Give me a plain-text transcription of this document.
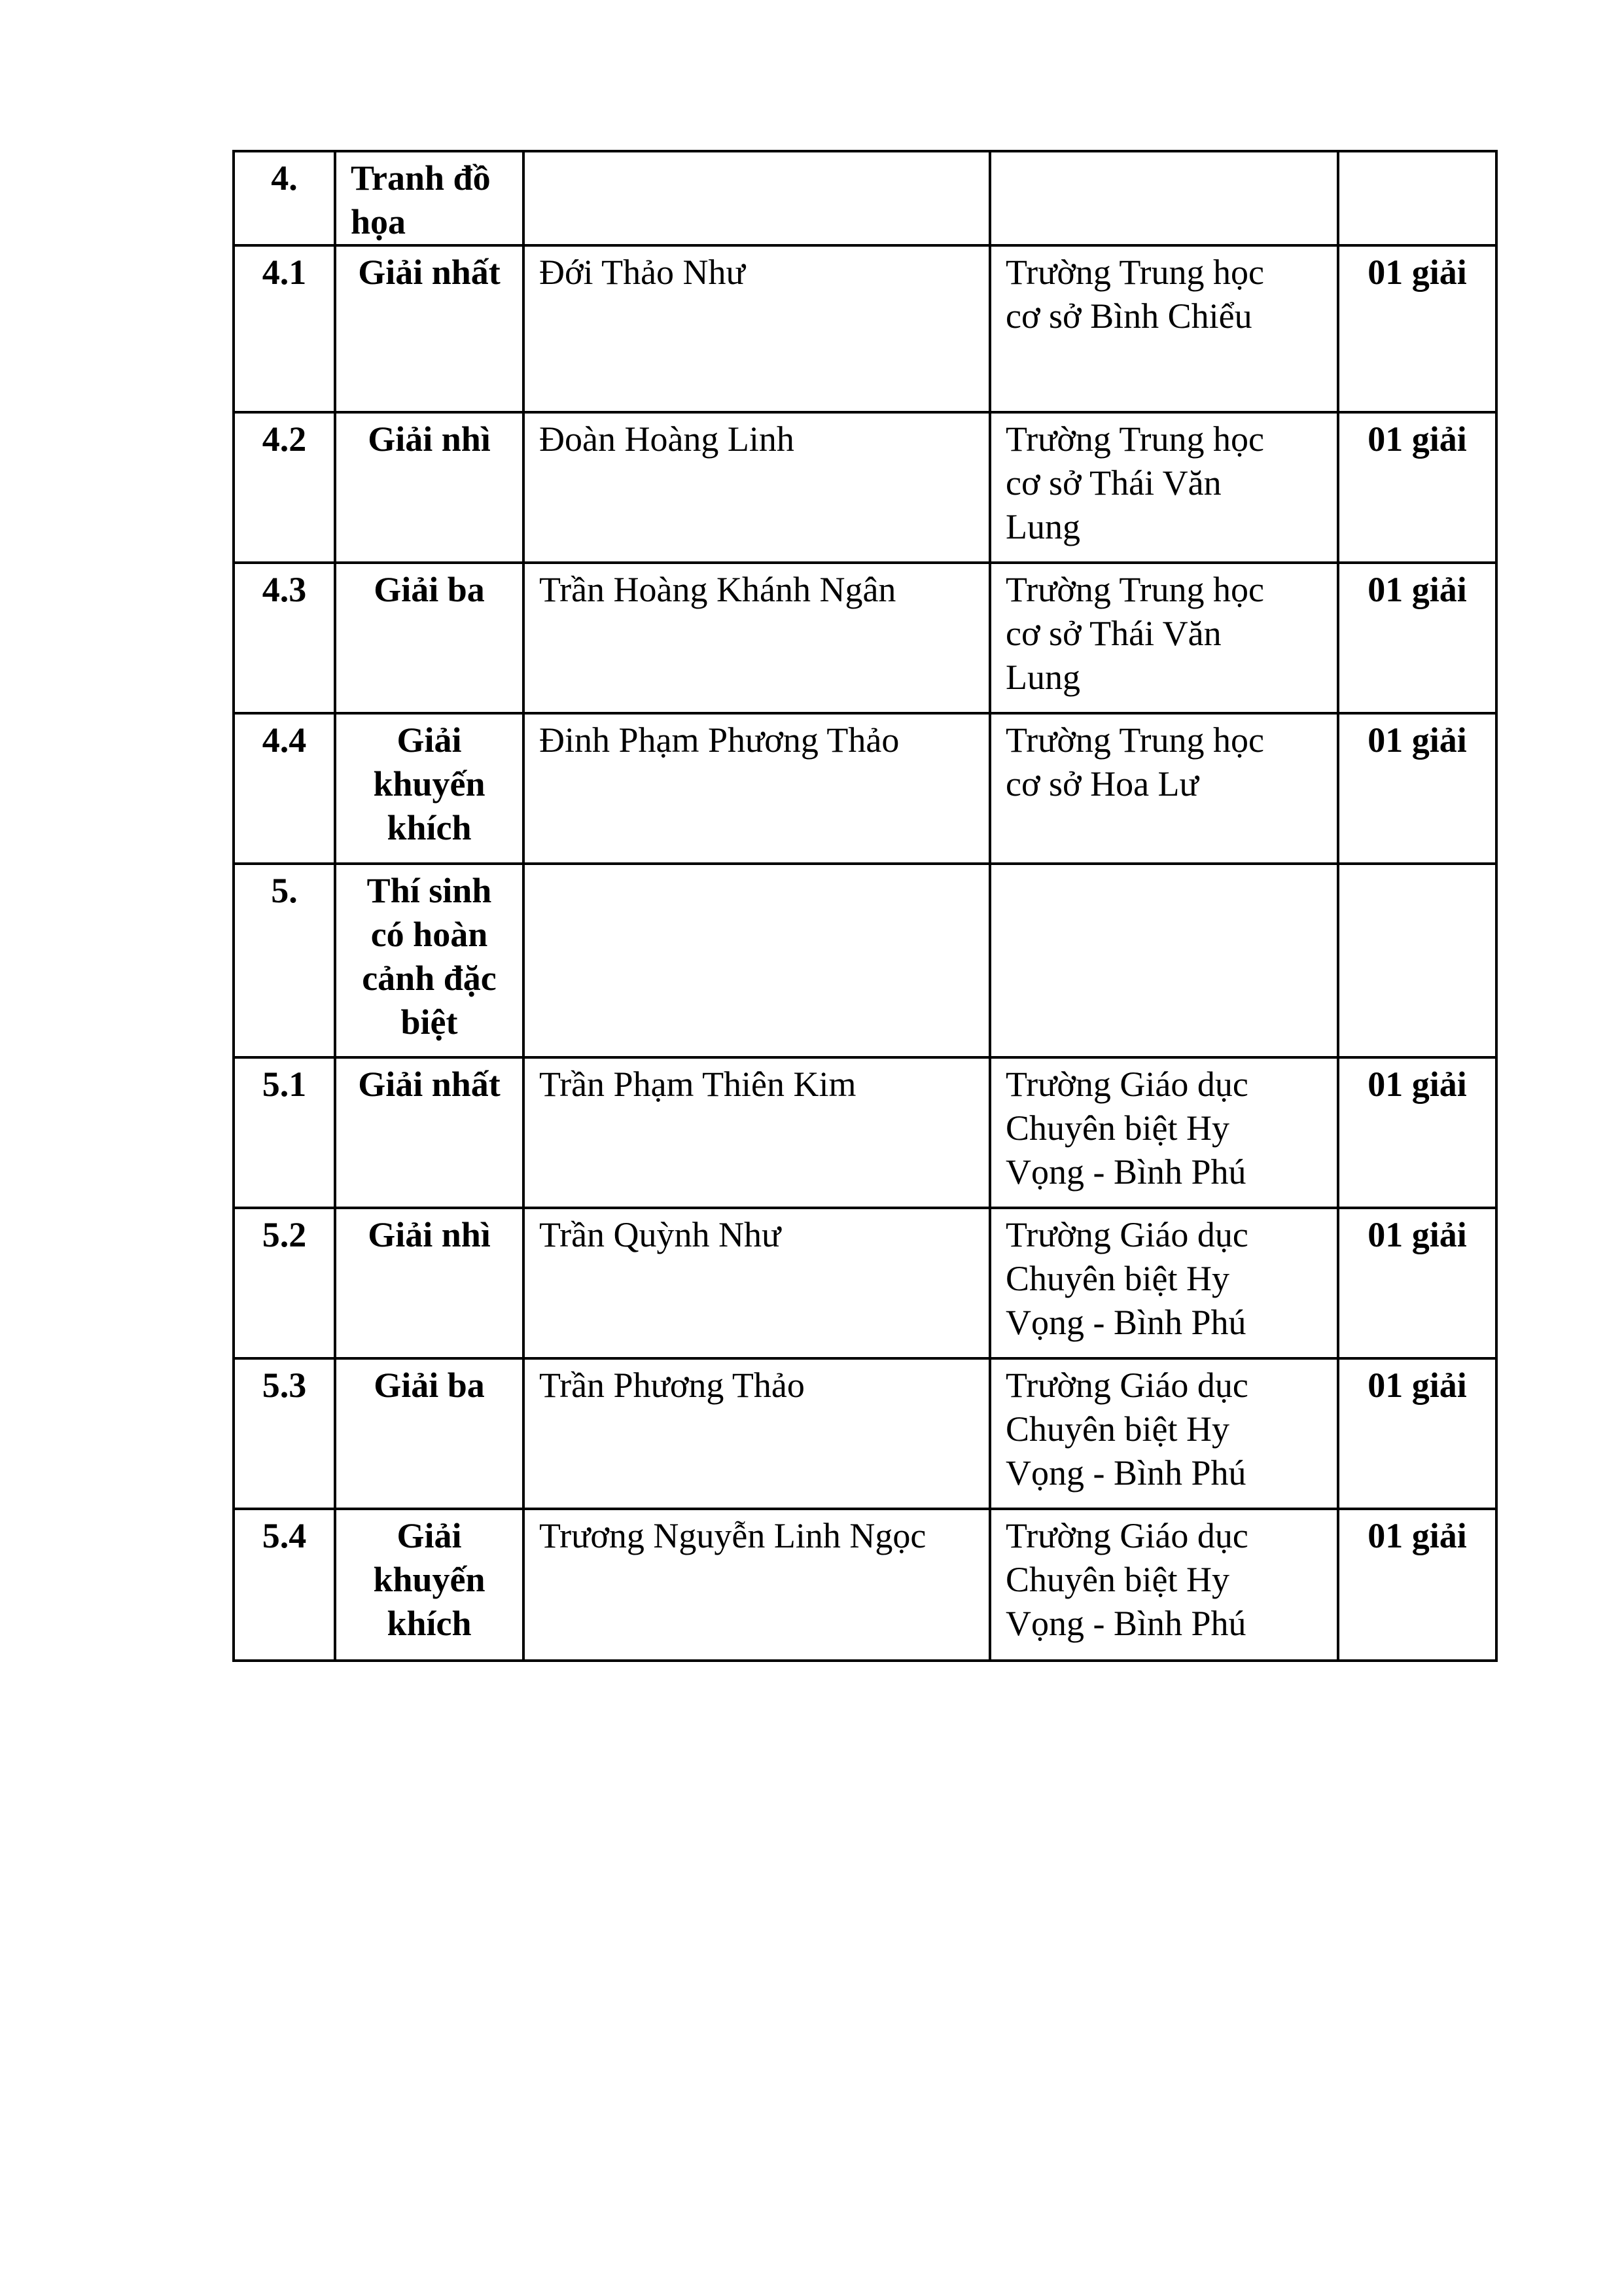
4.	Tranh đồ
họa			

4.1	Giải nhất	Đới Thảo Như	Trường Trung học
cơ sở Bình Chiểu	01 giải
4.2	Giải nhì	Đoàn Hoàng Linh	Trường Trung học
cơ sở Thái Văn
Lung	01 giải
4.3	Giải ba	Trần Hoàng Khánh Ngân	Trường Trung học
cơ sở Thái Văn
Lung	01 giải
4.4	Giải
khuyến
khích	Đinh Phạm Phương Thảo	Trường Trung học
cơ sở Hoa Lư	01 giải
5.	Thí sinh
có hoàn
cảnh đặc
biệt			

5.1	Giải nhất	Trần Phạm Thiên Kim	Trường Giáo dục
Chuyên biệt Hy
Vọng - Bình Phú	01 giải
5.2	Giải nhì	Trần Quỳnh Như	Trường Giáo dục
Chuyên biệt Hy
Vọng - Bình Phú	01 giải
5.3	Giải ba	Trần Phương Thảo	Trường Giáo dục
Chuyên biệt Hy
Vọng - Bình Phú	01 giải
5.4	Giải
khuyến
khích	Trương Nguyễn Linh Ngọc	Trường Giáo dục
Chuyên biệt Hy
Vọng - Bình Phú	01 giải
